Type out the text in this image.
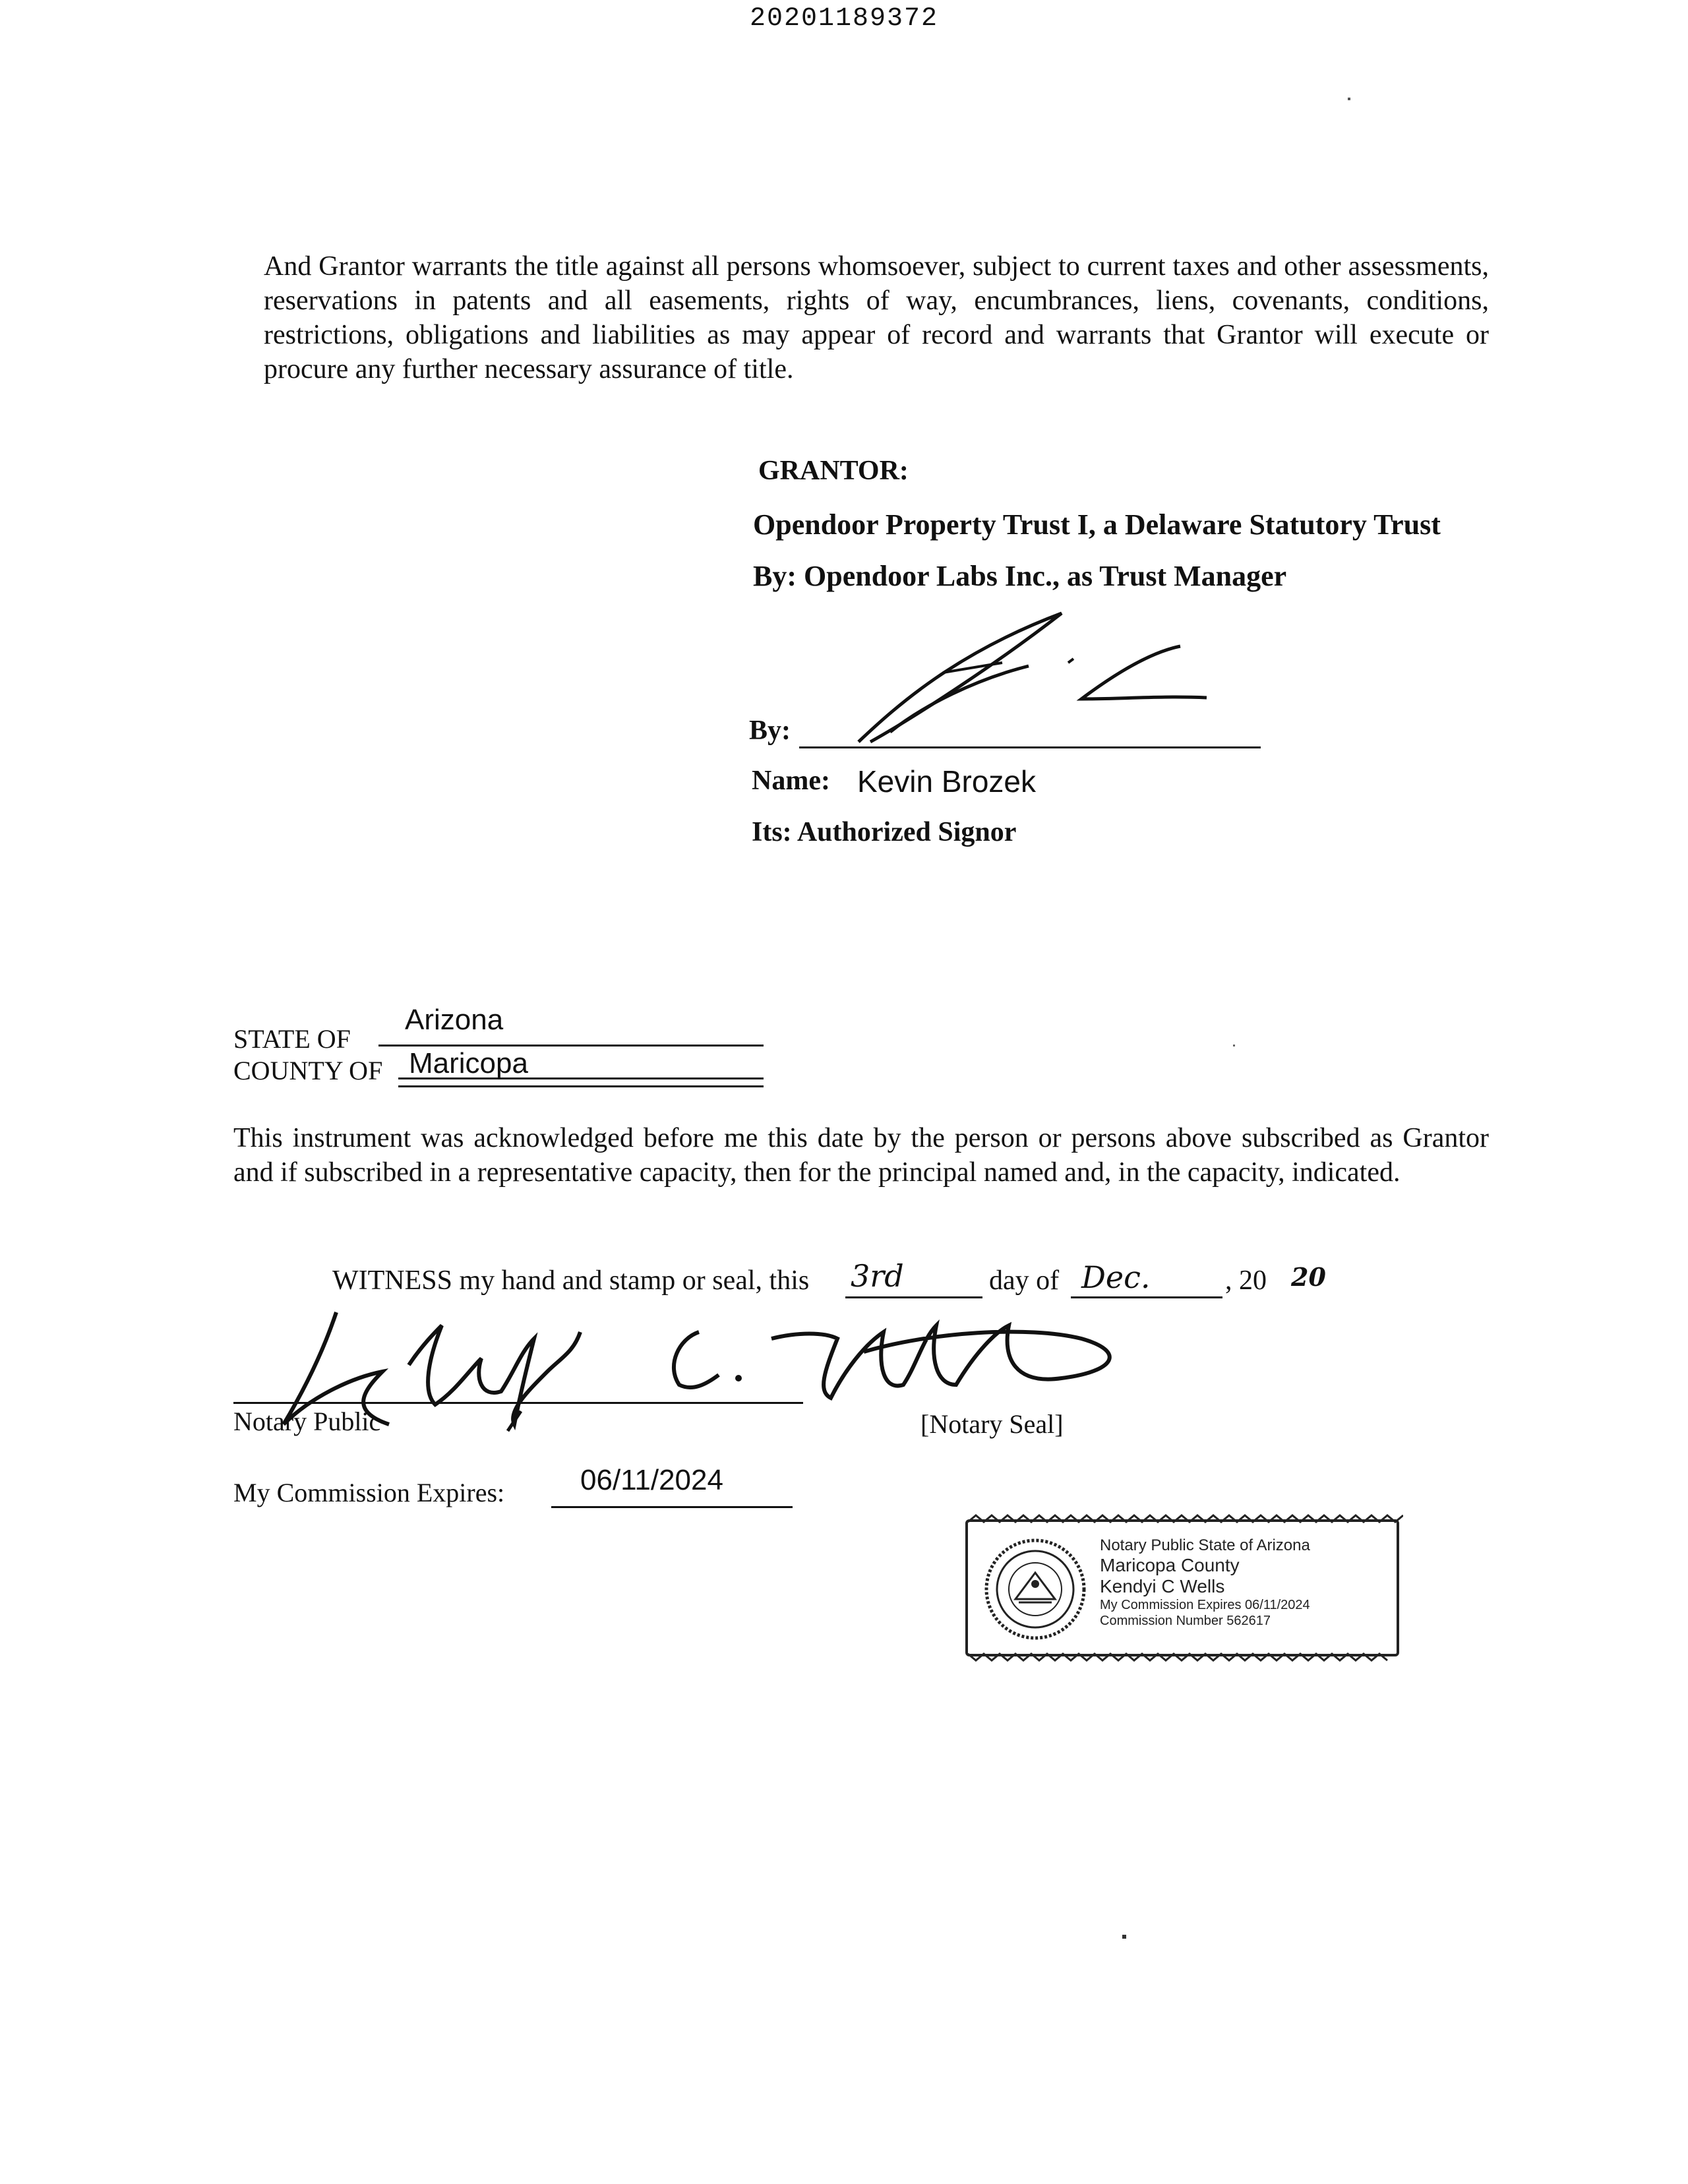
20201189372
And Grantor warrants the title against all persons whomsoever, subject to current taxes and other assessments, reservations in patents and all easements, rights of way, encumbrances, liens, covenants, conditions, restrictions, obligations and liabilities as may appear of record and warrants that Grantor will execute or procure any further necessary assurance of title.
GRANTOR:
Opendoor Property Trust I, a Delaware Statutory Trust
By: Opendoor Labs Inc., as Trust Manager
By:
Name: Kevin Brozek
Its: Authorized Signor
STATE OF
Arizona
COUNTY OF Maricopa
This instrument was acknowledged before me this date by the person or persons above subscribed as Grantor and if subscribed in a representative capacity, then for the principal named and, in the capacity, indicated.
WITNESS my hand and stamp or seal, this 3rd	day of Dec.	, 20 20
Notary Public	[Notary Seal]
My Commission Expires:	06/11/2024
Notary Public State of Arizona
Maricopa County
Kendyi C Wells
My Commission Expires 06/11/2024
Commission Number 562617
